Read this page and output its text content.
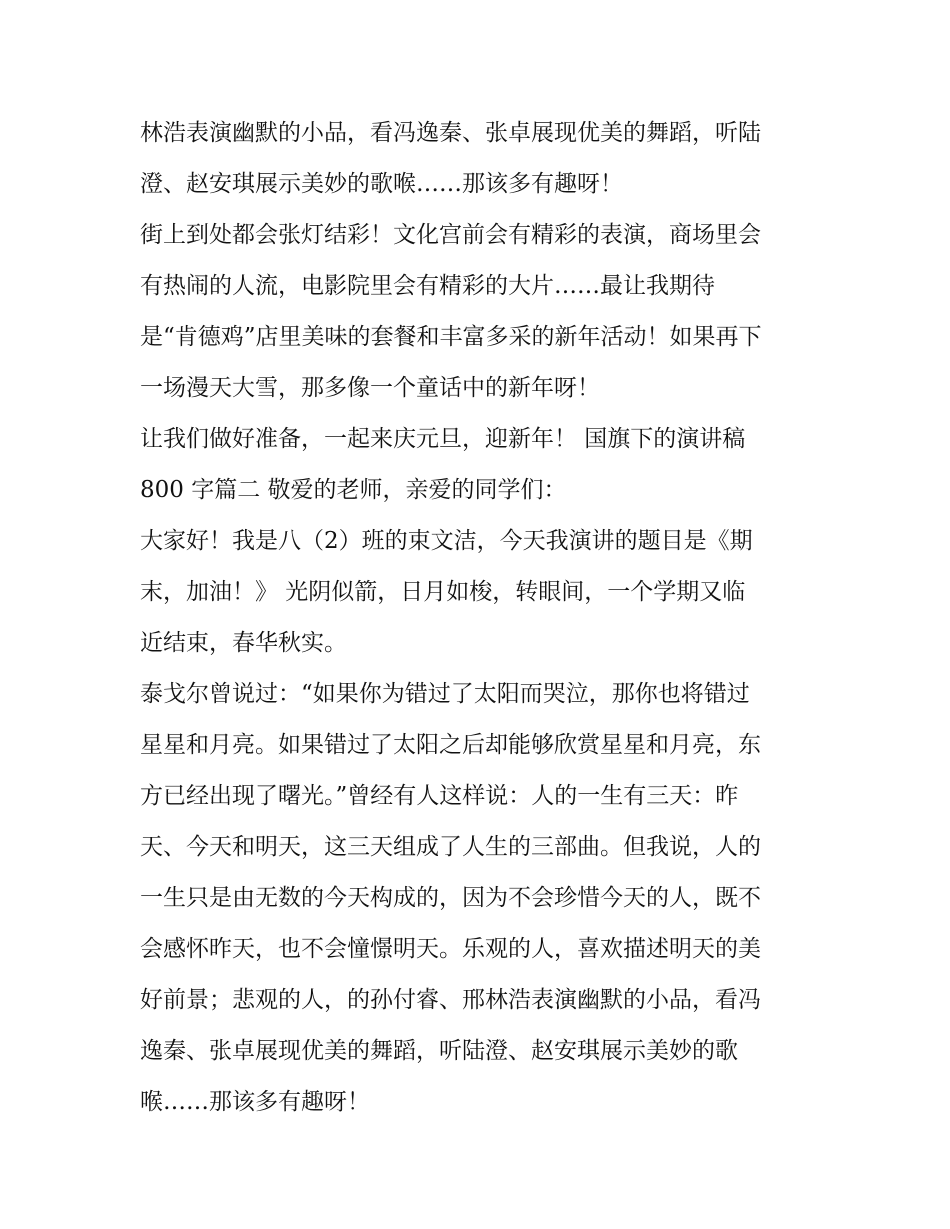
林浩表演幽默的小品，看冯逸秦、张卓展现优美的舞蹈，听陆
澄、赵安琪展示美妙的歌喉……那该多有趣呀！
街上到处都会张灯结彩！文化宫前会有精彩的表演，商场里会
有热闹的人流，电影院里会有精彩的大片……最让我期待
是“肯德鸡”店里美味的套餐和丰富多采的新年活动！如果再下
一场漫天大雪，那多像一个童话中的新年呀！
让我们做好准备，一起来庆元旦，迎新年！ 国旗下的演讲稿
800 字篇二 敬爱的老师，亲爱的同学们：
大家好！我是八（2）班的束文洁，今天我演讲的题目是《期
末，加油！》 光阴似箭，日月如梭，转眼间，一个学期又临
近结束，春华秋实。
泰戈尔曾说过：“如果你为错过了太阳而哭泣，那你也将错过
星星和月亮。如果错过了太阳之后却能够欣赏星星和月亮，东
方已经出现了曙光。”曾经有人这样说：人的一生有三天：昨
天、今天和明天，这三天组成了人生的三部曲。但我说，人的
一生只是由无数的今天构成的，因为不会珍惜今天的人，既不
会感怀昨天，也不会憧憬明天。乐观的人，喜欢描述明天的美
好前景；悲观的人，的孙付睿、邢林浩表演幽默的小品，看冯
逸秦、张卓展现优美的舞蹈，听陆澄、赵安琪展示美妙的歌
喉……那该多有趣呀！
